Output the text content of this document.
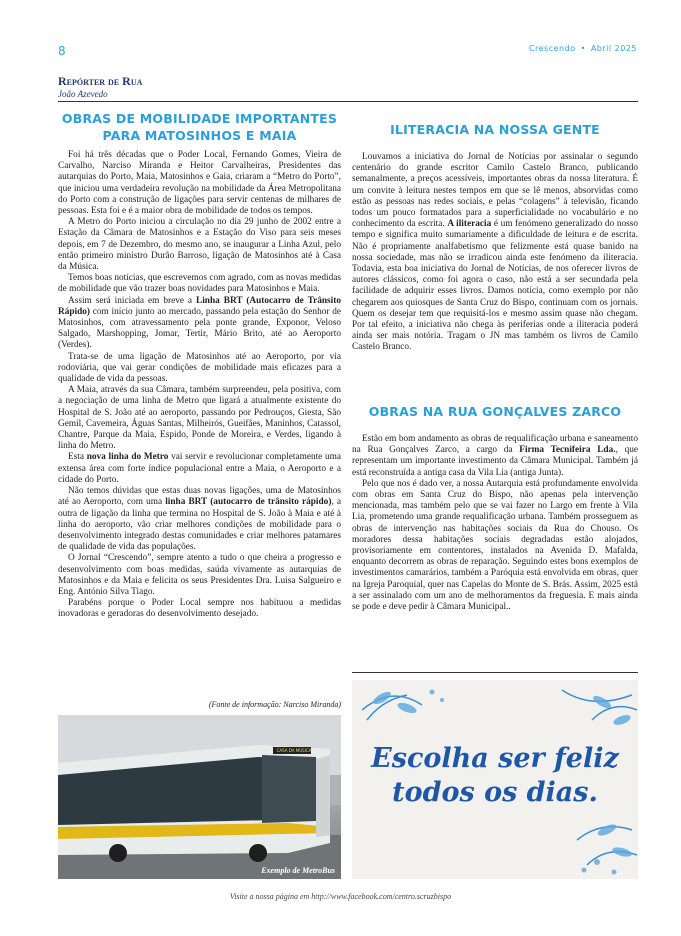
8	Crescendo • Abril 2025
Repórter de Rua
João Azevedo
OBRAS DE MOBILIDADE IMPORTANTES
PARA MATOSINHOS E MAIA

Foi há três décadas que o Poder Local, Fernando Gomes, Vieira de Carvalho, Narciso Miranda e Heitor Carvalheiras, Presidentes das autarquias do Porto, Maia, Matosinhos e Gaia, criaram a “Metro do Porto”, que iniciou uma verdadeira revolução na mobilidade da Área Metropolitana do Porto com a construção de ligações para servir centenas de milhares de pessoas. Esta foi e é a maior obra de mobilidade de todos os tempos.

A Metro do Porto iniciou a circulação no dia 29 junho de 2002 entre a Estação da Câmara de Matosinhos e a Estação do Viso para seis meses depois, em 7 de Dezembro, do mesmo ano, se inaugurar a Linha Azul, pelo então primeiro ministro Durão Barroso, ligação de Matosinhos até à Casa da Música.

Temos boas notícias, que escrevemos com agrado, com as novas medidas de mobilidade que vão trazer boas novidades para Matosinhos e Maia.

Assim será iniciada em breve a Linha BRT (Autocarro de Trânsito Rápido) com início junto ao mercado, passando pela estação do Senhor de Matosinhos, com atravessamento pela ponte grande, Exponor, Veloso Salgado, Marshopping, Jomar, Tertir, Mário Brito, até ao Aeroporto (Verdes).

Trata-se de uma ligação de Matosinhos até ao Aeroporto, por via rodoviária, que vai gerar condições de mobilidade mais eficazes para a qualidade de vida da pessoas.

A Maia, através da sua Câmara, também surpreendeu, pela positiva, com a negociação de uma linha de Metro que ligará a atualmente existente do Hospital de S. João até ao aeroporto, passando por Pedrouços, Giesta, São Gemil, Cavemeira, Águas Santas, Milheirós, Gueifães, Maninhos, Catassol, Chantre, Parque da Maia, Espido, Ponde de Moreira, e Verdes, ligando à linha do Metro.

Esta nova linha do Metro vai servir e revolucionar completamente uma extensa área com forte índice populacional entre a Maia, o Aeroporto e a cidade do Porto.

Não temos dúvidas que estas duas novas ligações, uma de Matosinhos até ao Aeroporto, com uma linha BRT (autocarro de trânsito rápido), a outra de ligação da linha que termina no Hospital de S. João à Maia e até à linha do aeroporto, vão criar melhores condições de mobilidade para o desenvolvimento integrado destas comunidades e criar melhores patamares de qualidade de vida das populações.

O Jornal “Crescendo”, sempre atento a tudo o que cheira a progresso e desenvolvimento com boas medidas, saúda vivamente as autarquias de Matosinhos e da Maia e felicita os seus Presidentes Dra. Luisa Salgueiro e Eng. António Silva Tiago.

Parabéns porque o Poder Local sempre nos habituou a medidas inovadoras e geradoras do desenvolvimento desejado.

(Fonte de informação: Narciso Miranda)
CASA DA MÚSICA
Exemplo de MetroBus
ILITERACIA NA NOSSA GENTE

Louvamos a iniciativa do Jornal de Notícias por assinalar o segundo centenário do grande escritor Camilo Castelo Branco, publicando semanalmente, a preços acessíveis, importantes obras da nossa literatura. É um convite à leitura nestes tempos em que se lê menos, absorvidas como estão as pessoas nas redes sociais, e pelas “colagens” à televisão, ficando todos um pouco formatados para a superficialidade no vocabulário e no conhecimento da escrita. A iliteracia é um fenómeno generalizado do nosso tempo e significa muito sumariamente a dificuldade de leitura e de escrita. Não é propriamente analfabetismo que felizmente está quase banido na nossa sociedade, mas não se irradicou ainda este fenómeno da iliteracia. Todavia, esta boa iniciativa do Jornal de Notícias, de nos oferecer livros de autores clássicos, como foi agora o caso, não está a ser secundada pela facilidade de adquirir esses livros. Damos notícia, como exemplo por não chegarem aos quiosques de Santa Cruz do Bispo, continuam com os jornais. Quem os desejar tem que requisitá-los e mesmo assim quase não chegam. Por tal efeito, a iniciativa não chega às periferias onde a iliteracia poderá ainda ser mais notória. Tragam o JN mas também os livros de Camilo Castelo Branco.

OBRAS NA RUA GONÇALVES ZARCO

Estão em bom andamento as obras de requalificação urbana e saneamento na Rua Gonçalves Zarco, a cargo da Firma Tecnifeira Lda., que representam um importante investimento da Câmara Municipal. Também já está reconstruída a antiga casa da Vila Lia (antiga Junta).

Pelo que nos é dado ver, a nossa Autarquia está profundamente envolvida com obras em Santa Cruz do Bispo, não apenas pela intervenção mencionada, mas também pelo que se vai fazer no Largo em frente à Vila Lia, prometendo uma grande requalificação urbana. Também prosseguem as obras de intervenção nas habitações sociais da Rua do Chouso. Os moradores dessa habitações sociais degradadas estão alojados, provisoriamente em contentores, instalados na Avenida D. Mafalda, enquanto decorrem as obras de reparação. Seguindo estes bons exemplos de investimentos camarários, também a Paróquia está envolvida em obras, quer na Igreja Paroquial, quer nas Capelas do Monte de S. Brás. Assim, 2025 está a ser assinalado com um ano de melhoramentos da freguesia. E mais ainda se pode e deve pedir à Câmara Municipal..

Escolha ser feliz
todos os dias.
Visite a nossa página em http://www.facebook.com/centro.scruzbispo
